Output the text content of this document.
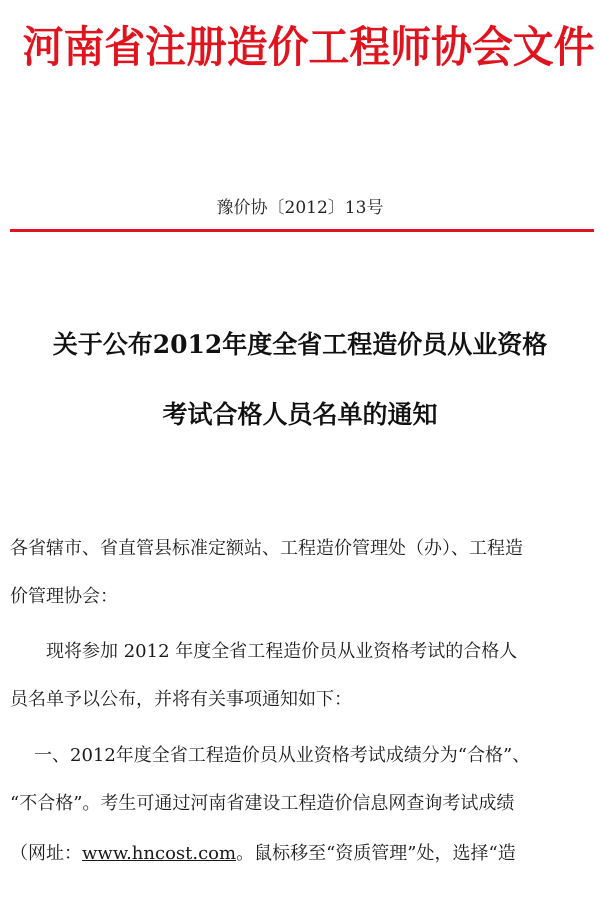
河南省注册造价工程师协会文件
豫价协〔2012〕13号
关于公布2012年度全省工程造价员从业资格
考试合格人员名单的通知
各省辖市、省直管县标准定额站、工程造价管理处（办）、工程造
价管理协会：
现将参加 2012 年度全省工程造价员从业资格考试的合格人
员名单予以公布，并将有关事项通知如下：
一、2012年度全省工程造价员从业资格考试成绩分为“合格”、
“不合格”。考生可通过河南省建设工程造价信息网查询考试成绩
（网址：www.hncost.com。鼠标移至“资质管理”处，选择“造
